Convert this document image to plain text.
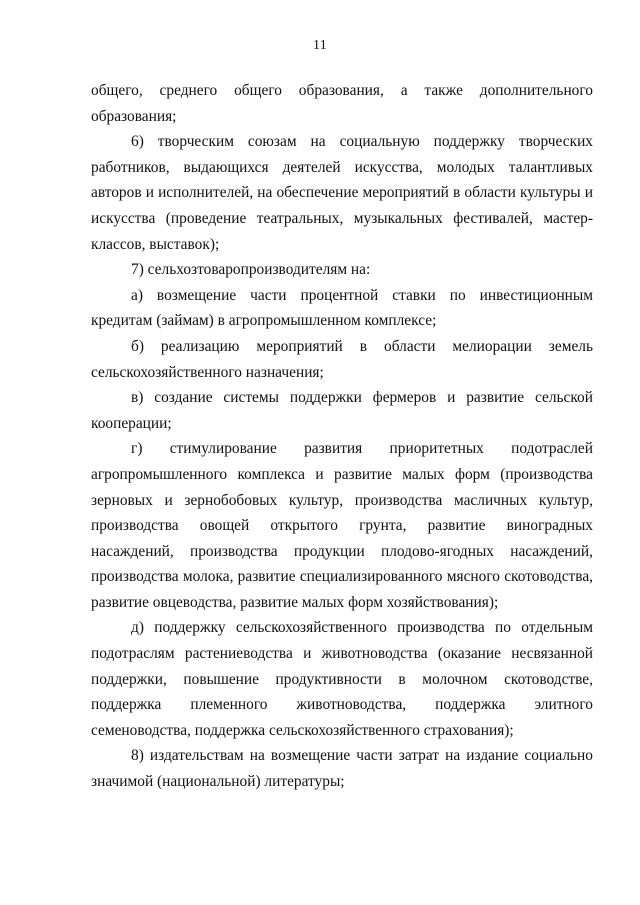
11

общего, среднего общего образования, а также дополнительного образования;

6) творческим союзам на социальную поддержку творческих работников, выдающихся деятелей искусства, молодых талантливых авторов и исполнителей, на обеспечение мероприятий в области культуры и искусства (проведение театральных, музыкальных фестивалей, мастер-классов, выставок);

7) сельхозтоваропроизводителям на:

а) возмещение части процентной ставки по инвестиционным кредитам (займам) в агропромышленном комплексе;

б) реализацию мероприятий в области мелиорации земель сельскохозяйственного назначения;

в) создание системы поддержки фермеров и развитие сельской кооперации;

г) стимулирование развития приоритетных подотраслей агропромышленного комплекса и развитие малых форм (производства зерновых и зернобобовых культур, производства масличных культур, производства овощей открытого грунта, развитие виноградных насаждений, производства продукции плодово-ягодных насаждений, производства молока, развитие специализированного мясного скотоводства, развитие овцеводства, развитие малых форм хозяйствования);

д) поддержку сельскохозяйственного производства по отдельным подотраслям растениеводства и животноводства (оказание несвязанной поддержки, повышение продуктивности в молочном скотоводстве, поддержка племенного животноводства, поддержка элитного семеноводства, поддержка сельскохозяйственного страхования);

8) издательствам на возмещение части затрат на издание социально значимой (национальной) литературы;
